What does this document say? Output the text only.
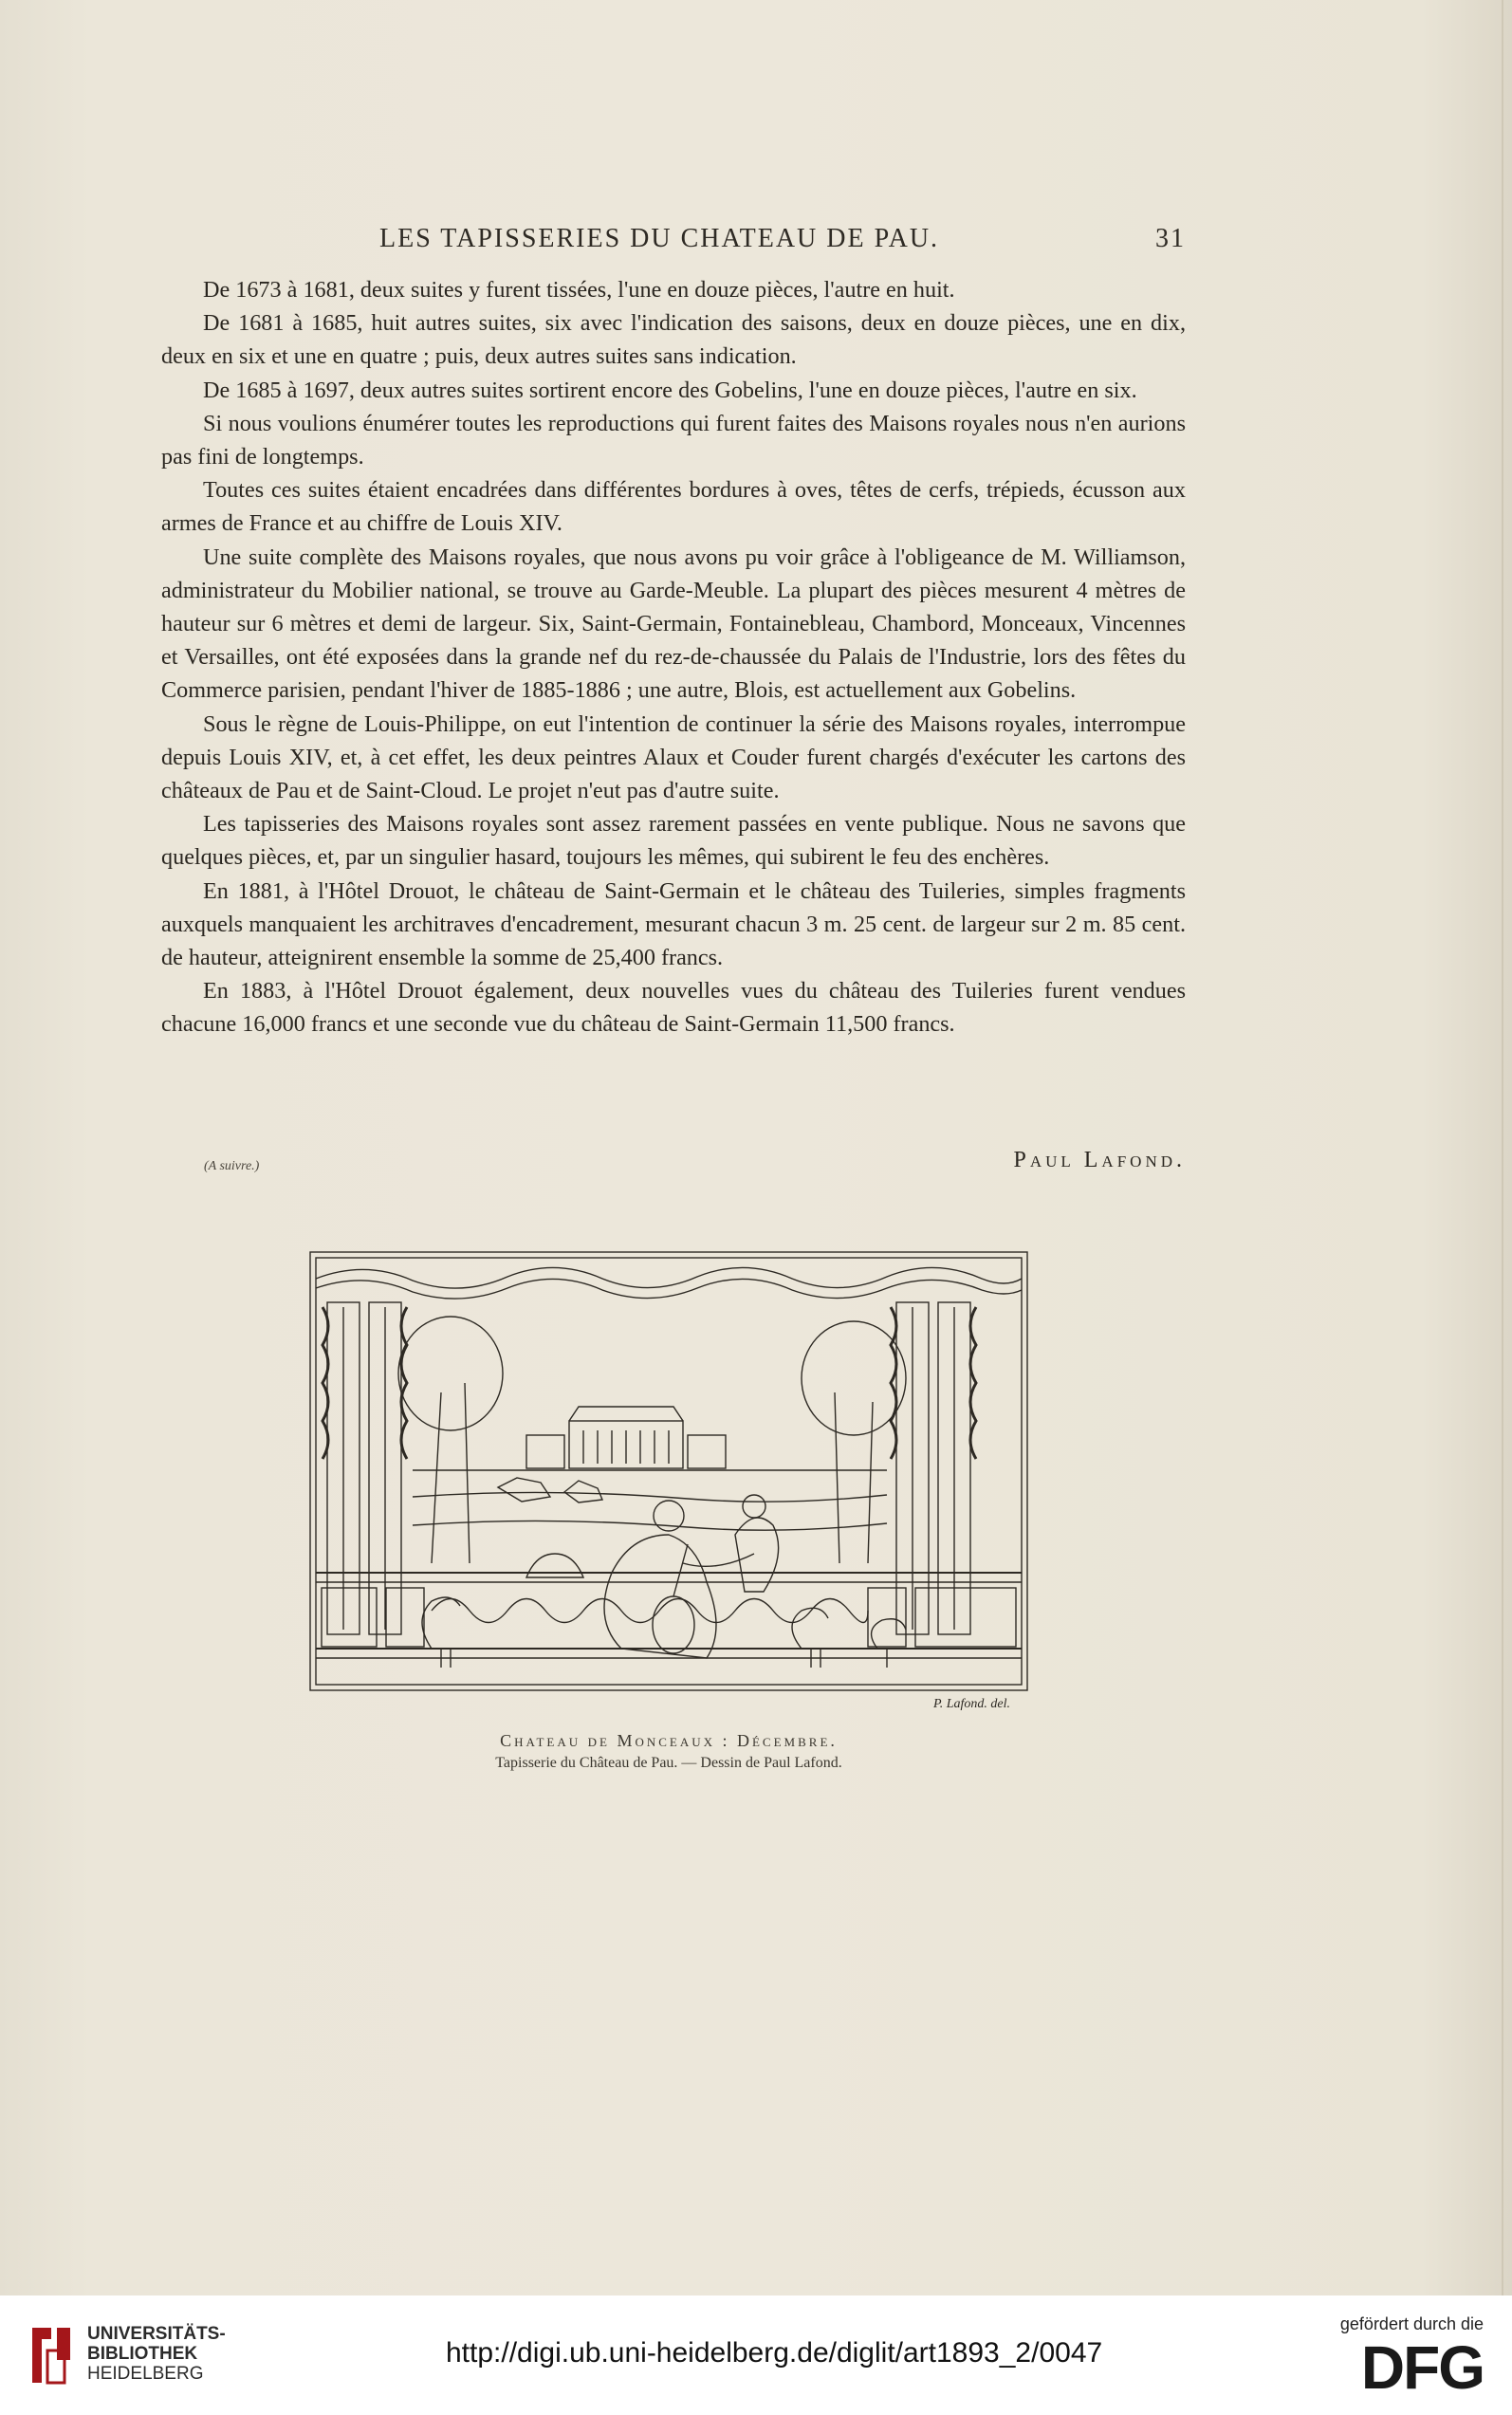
LES TAPISSERIES DU CHATEAU DE PAU.	31

De 1673 à 1681, deux suites y furent tissées, l'une en douze pièces, l'autre en huit.

De 1681 à 1685, huit autres suites, six avec l'indication des saisons, deux en douze pièces, une en dix, deux en six et une en quatre ; puis, deux autres suites sans indication.

De 1685 à 1697, deux autres suites sortirent encore des Gobelins, l'une en douze pièces, l'autre en six.

Si nous voulions énumérer toutes les reproductions qui furent faites des Maisons royales nous n'en aurions pas fini de longtemps.

Toutes ces suites étaient encadrées dans différentes bordures à oves, têtes de cerfs, trépieds, écusson aux armes de France et au chiffre de Louis XIV.

Une suite complète des Maisons royales, que nous avons pu voir grâce à l'obligeance de M. Williamson, administrateur du Mobilier national, se trouve au Garde-Meuble. La plupart des pièces mesurent 4 mètres de hauteur sur 6 mètres et demi de largeur. Six, Saint-Germain, Fontainebleau, Chambord, Monceaux, Vincennes et Versailles, ont été exposées dans la grande nef du rez-de-chaussée du Palais de l'Industrie, lors des fêtes du Commerce parisien, pendant l'hiver de 1885-1886 ; une autre, Blois, est actuellement aux Gobelins.

Sous le règne de Louis-Philippe, on eut l'intention de continuer la série des Maisons royales, interrompue depuis Louis XIV, et, à cet effet, les deux peintres Alaux et Couder furent chargés d'exécuter les cartons des châteaux de Pau et de Saint-Cloud. Le projet n'eut pas d'autre suite.

Les tapisseries des Maisons royales sont assez rarement passées en vente publique. Nous ne savons que quelques pièces, et, par un singulier hasard, toujours les mêmes, qui subirent le feu des enchères.

En 1881, à l'Hôtel Drouot, le château de Saint-Germain et le château des Tuileries, simples fragments auxquels manquaient les architraves d'encadrement, mesurant chacun 3 m. 25 cent. de largeur sur 2 m. 85 cent. de hauteur, atteignirent ensemble la somme de 25,400 francs.

En 1883, à l'Hôtel Drouot également, deux nouvelles vues du château des Tuileries furent vendues chacune 16,000 francs et une seconde vue du château de Saint-Germain 11,500 francs.

(A suivre.)	Paul Lafond.
P. Lafond. del.
Chateau de Monceaux : Décembre.
Tapisserie du Château de Pau. — Dessin de Paul Lafond.
UNIVERSITÄTS-
BIBLIOTHEK
HEIDELBERG
http://digi.ub.uni-heidelberg.de/diglit/art1893_2/0047
gefördert durch die
DFG
